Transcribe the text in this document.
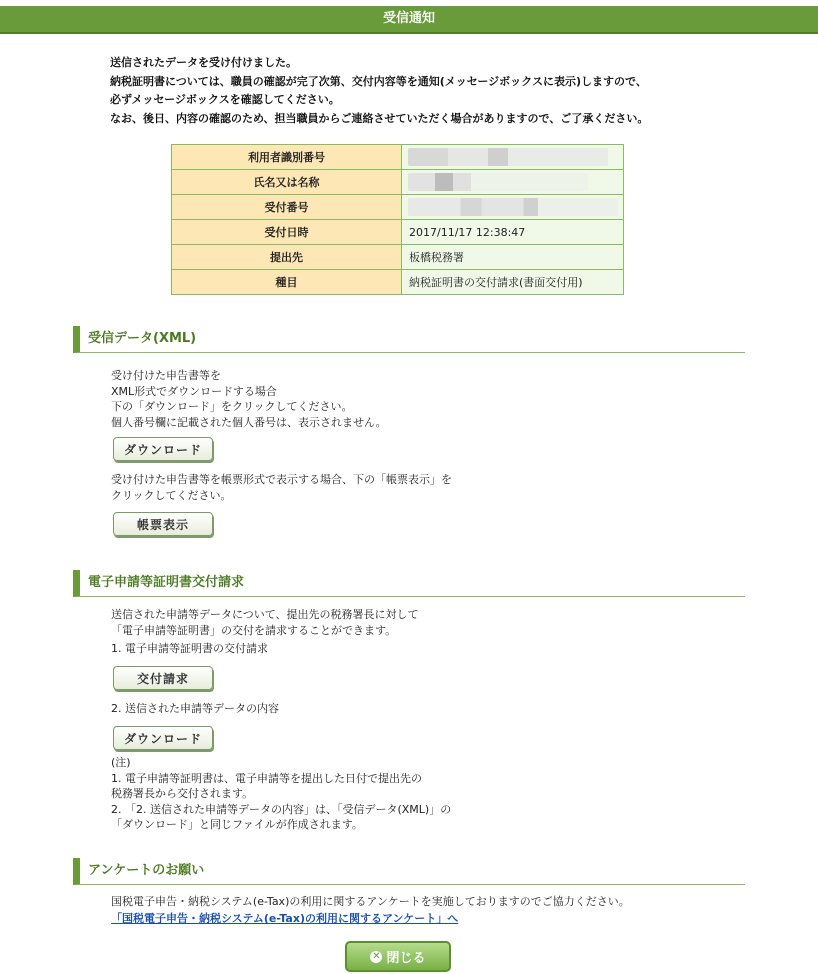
受信通知
送信されたデータを受け付けました。
納税証明書については、職員の確認が完了次第、交付内容等を通知(メッセージボックスに表示)しますので、
必ずメッセージボックスを確認してください。
なお、後日、内容の確認のため、担当職員からご連絡させていただく場合がありますので、ご了承ください。
利用者識別番号	

氏名又は名称	

受付番号	

受付日時	2017/11/17 12:38:47
提出先	板橋税務署
種目	納税証明書の交付請求(書面交付用)
受信データ(XML)
受け付けた申告書等を
XML形式でダウンロードする場合
下の「ダウンロード」をクリックしてください。
個人番号欄に記載された個人番号は、表示されません。
ダウンロード
受け付けた申告書等を帳票形式で表示する場合、下の「帳票表示」を
クリックしてください。
帳票表示
電子申請等証明書交付請求
送信された申請等データについて、提出先の税務署長に対して
「電子申請等証明書」の交付を請求することができます。
1. 電子申請等証明書の交付請求
交付請求
2. 送信された申請等データの内容
ダウンロード
(注)
1. 電子申請等証明書は、電子申請等を提出した日付で提出先の
税務署長から交付されます。
2. 「2. 送信された申請等データの内容」は、「受信データ(XML)」の
「ダウンロード」と同じファイルが作成されます。
アンケートのお願い
国税電子申告・納税システム(e-Tax)の利用に関するアンケートを実施しておりますのでご協力ください。
「国税電子申告・納税システム(e-Tax)の利用に関するアンケート」へ
✕ 閉じる
